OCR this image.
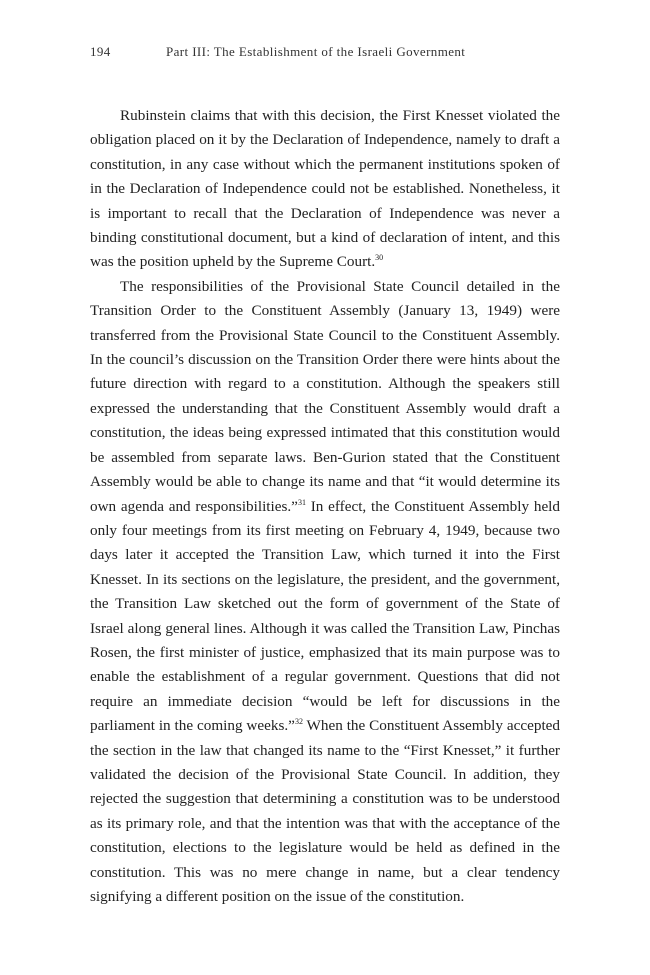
194	Part III: The Establishment of the Israeli Government

Rubinstein claims that with this decision, the First Knesset violated the obligation placed on it by the Declaration of Independence, namely to draft a constitution, in any case without which the permanent institutions spoken of in the Declaration of Independence could not be established. Nonetheless, it is important to recall that the Declaration of Independence was never a binding constitutional document, but a kind of declaration of intent, and this was the position upheld by the Supreme Court.$^{30}$

The responsibilities of the Provisional State Council detailed in the Transition Order to the Constituent Assembly (January 13, 1949) were transferred from the Provisional State Council to the Constituent Assembly. In the council’s discussion on the Transition Order there were hints about the future direction with regard to a constitution. Although the speakers still expressed the understanding that the Constituent Assembly would draft a constitution, the ideas being expressed intimated that this constitution would be assembled from separate laws. Ben-Gurion stated that the Constituent Assembly would be able to change its name and that “it would determine its own agenda and responsibilities.”$^{31}$ In effect, the Constituent Assembly held only four meetings from its first meeting on February 4, 1949, because two days later it accepted the Transition Law, which turned it into the First Knesset. In its sections on the legislature, the president, and the government, the Transition Law sketched out the form of government of the State of Israel along general lines. Although it was called the Transition Law, Pinchas Rosen, the first minister of justice, emphasized that its main purpose was to enable the establishment of a regular government. Questions that did not require an immediate decision “would be left for discussions in the parliament in the coming weeks.”$^{32}$ When the Constituent Assembly accepted the section in the law that changed its name to the “First Knesset,” it further validated the decision of the Provisional State Council. In addition, they rejected the suggestion that determining a constitution was to be understood as its primary role, and that the intention was that with the acceptance of the constitution, elections to the legislature would be held as defined in the constitution. This was no mere change in name, but a clear tendency signifying a different position on the issue of the constitution.
